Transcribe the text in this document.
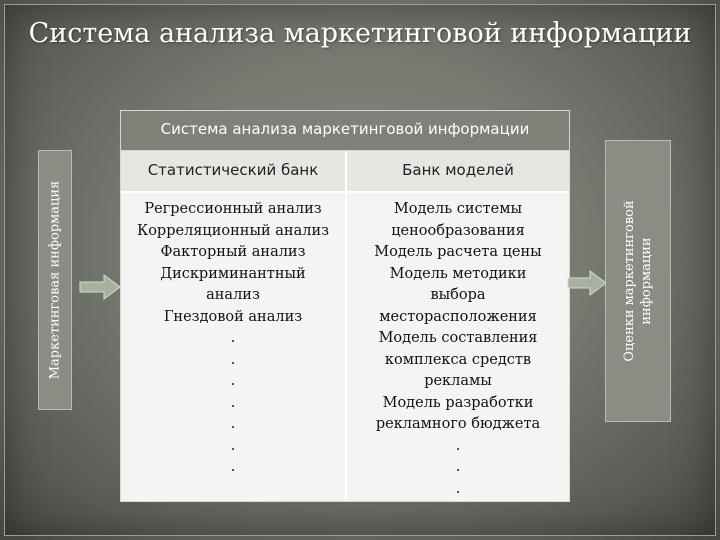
Система анализа маркетинговой информации
Маркетинговая информация
Система анализа маркетинговой информации
Статистический банк	Банк моделей
Регрессионный анализ
Корреляционный анализ
Факторный анализ
Дискриминантный
анализ
Гнездовой анализ
.
.
.
.
.
.
.
Модель системы
ценообразования
Модель расчета цены
Модель методики
выбора
месторасположения
Модель составления
комплекса средств
рекламы
Модель разработки
рекламного бюджета
.
.
.
Оценки маркетинговой информации
